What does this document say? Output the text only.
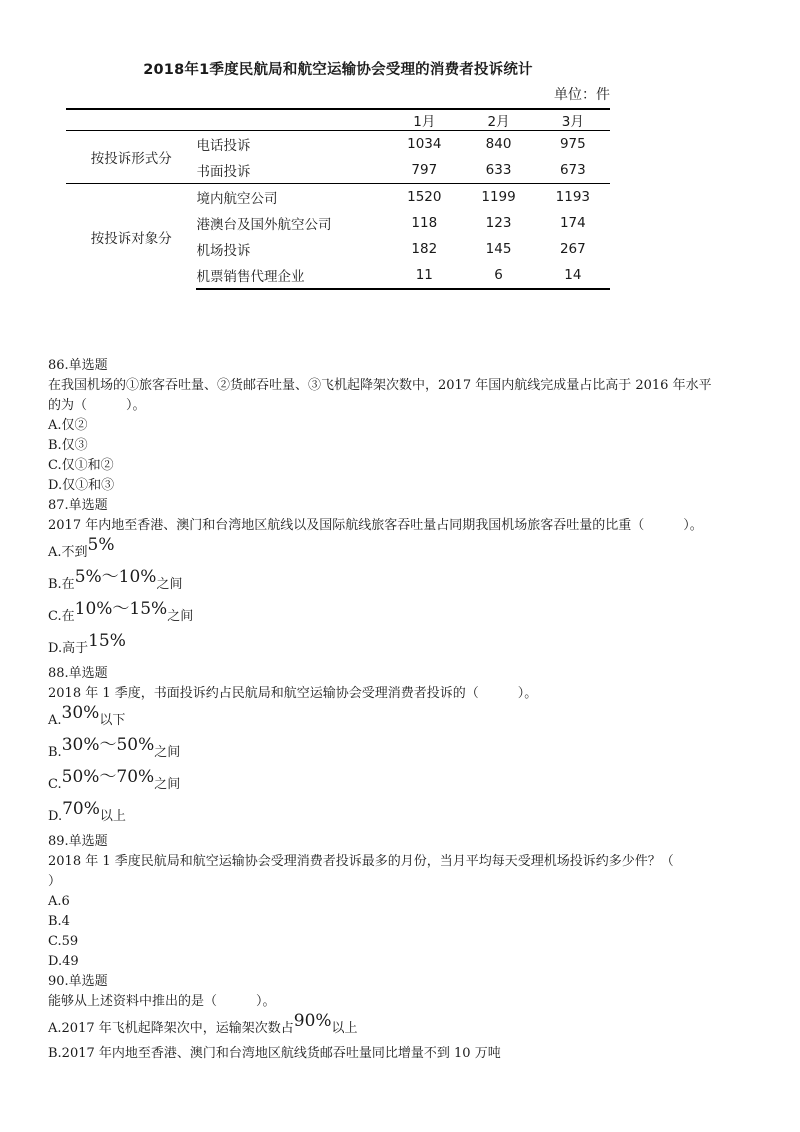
2018年1季度民航局和航空运输协会受理的消费者投诉统计
单位：件
		1月	2月	3月
按投诉形式分	电话投诉	1034	840	975
	书面投诉	797	633	673
按投诉对象分	境内航空公司	1520	1199	1193
	港澳台及国外航空公司	118	123	174
	机场投诉	182	145	267
	机票销售代理企业	11	6	14
86.单选题
在我国机场的①旅客吞吐量、②货邮吞吐量、③飞机起降架次数中，2017 年国内航线完成量占比高于 2016 年水平
的为（　　　）。
A.仅②
B.仅③
C.仅①和②
D.仅①和③
87.单选题
2017 年内地至香港、澳门和台湾地区航线以及国际航线旅客吞吐量占同期我国机场旅客吞吐量的比重（　　　）。
A.不到5%
B.在5%～10%之间
C.在10%～15%之间
D.高于15%
88.单选题
2018 年 1 季度，书面投诉约占民航局和航空运输协会受理消费者投诉的（　　　）。
A.30%以下
B.30%～50%之间
C.50%～70%之间
D.70%以上
89.单选题
2018 年 1 季度民航局和航空运输协会受理消费者投诉最多的月份，当月平均每天受理机场投诉约多少件？（
）
A.6
B.4
C.59
D.49
90.单选题
能够从上述资料中推出的是（　　　）。
A.2017 年飞机起降架次中，运输架次数占90%以上
B.2017 年内地至香港、澳门和台湾地区航线货邮吞吐量同比增量不到 10 万吨
